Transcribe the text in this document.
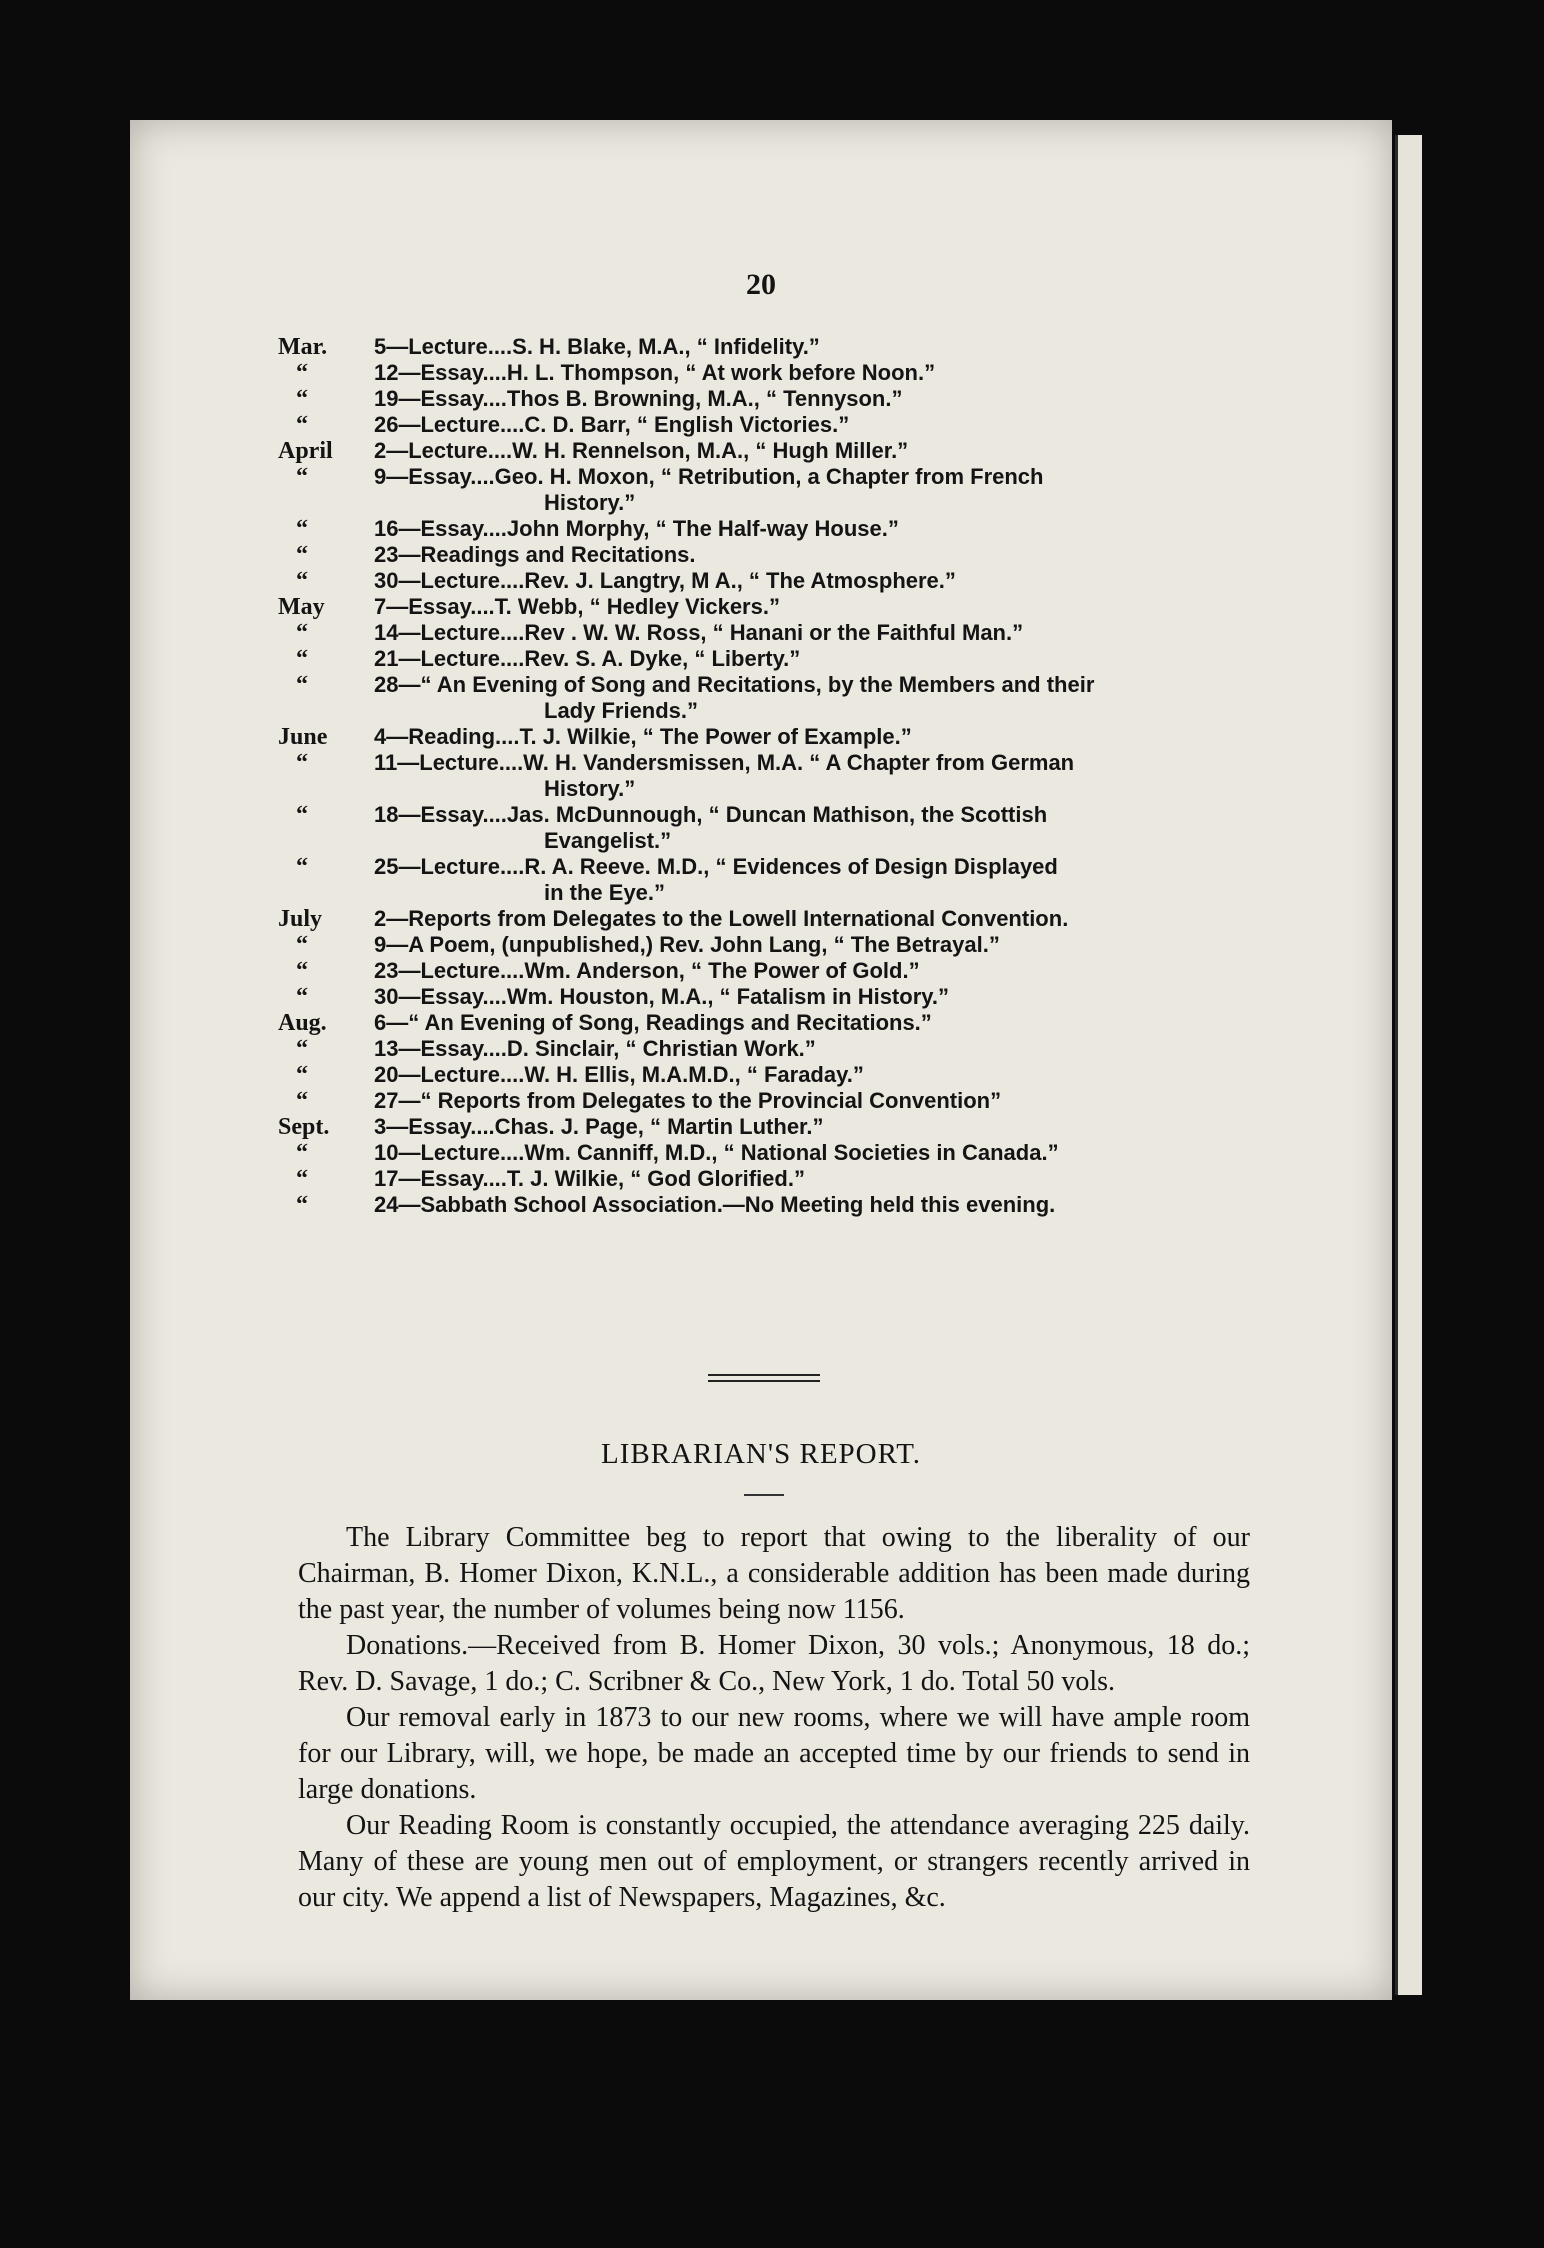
20
Mar.	5—Lecture....S. H. Blake, M.A., “ Infidelity.”
“	12—Essay....H. L. Thompson, “ At work before Noon.”
“	19—Essay....Thos B. Browning, M.A., “ Tennyson.”
“	26—Lecture....C. D. Barr, “ English Victories.”
April	2—Lecture....W. H. Rennelson, M.A., “ Hugh Miller.”
“	9—Essay....Geo. H. Moxon, “ Retribution, a Chapter from French
History.”
“	16—Essay....John Morphy, “ The Half-way House.”
“	23—Readings and Recitations.
“	30—Lecture....Rev. J. Langtry, M A., “ The Atmosphere.”
May	7—Essay....T. Webb, “ Hedley Vickers.”
“	14—Lecture....Rev . W. W. Ross, “ Hanani or the Faithful Man.”
“	21—Lecture....Rev. S. A. Dyke, “ Liberty.”
“	28—“ An Evening of Song and Recitations, by the Members and their
Lady Friends.”
June	4—Reading....T. J. Wilkie, “ The Power of Example.”
“	11—Lecture....W. H. Vandersmissen, M.A. “ A Chapter from German
History.”
“	18—Essay....Jas. McDunnough, “ Duncan Mathison, the Scottish
Evangelist.”
“	25—Lecture....R. A. Reeve. M.D., “ Evidences of Design Displayed
in the Eye.”
July	2—Reports from Delegates to the Lowell International Convention.
“	9—A Poem, (unpublished,) Rev. John Lang, “ The Betrayal.”
“	23—Lecture....Wm. Anderson, “ The Power of Gold.”
“	30—Essay....Wm. Houston, M.A., “ Fatalism in History.”
Aug.	6—“ An Evening of Song, Readings and Recitations.”
“	13—Essay....D. Sinclair, “ Christian Work.”
“	20—Lecture....W. H. Ellis, M.A.M.D., “ Faraday.”
“	27—“ Reports from Delegates to the Provincial Convention”
Sept.	3—Essay....Chas. J. Page, “ Martin Luther.”
“	10—Lecture....Wm. Canniff, M.D., “ National Societies in Canada.”
“	17—Essay....T. J. Wilkie, “ God Glorified.”
“	24—Sabbath School Association.—No Meeting held this evening.
LIBRARIAN'S REPORT.

The Library Committee beg to report that owing to the liberality of our Chairman, B. Homer Dixon, K.N.L., a considerable addition has been made during the past year, the number of volumes being now 1156.

Donations.—Received from B. Homer Dixon, 30 vols.; Anonymous, 18 do.; Rev. D. Savage, 1 do.; C. Scribner & Co., New York, 1 do. Total 50 vols.

Our removal early in 1873 to our new rooms, where we will have ample room for our Library, will, we hope, be made an accepted time by our friends to send in large donations.

Our Reading Room is constantly occupied, the attendance averaging 225 daily. Many of these are young men out of employment, or strangers recently arrived in our city. We append a list of Newspapers, Magazines, &c.
